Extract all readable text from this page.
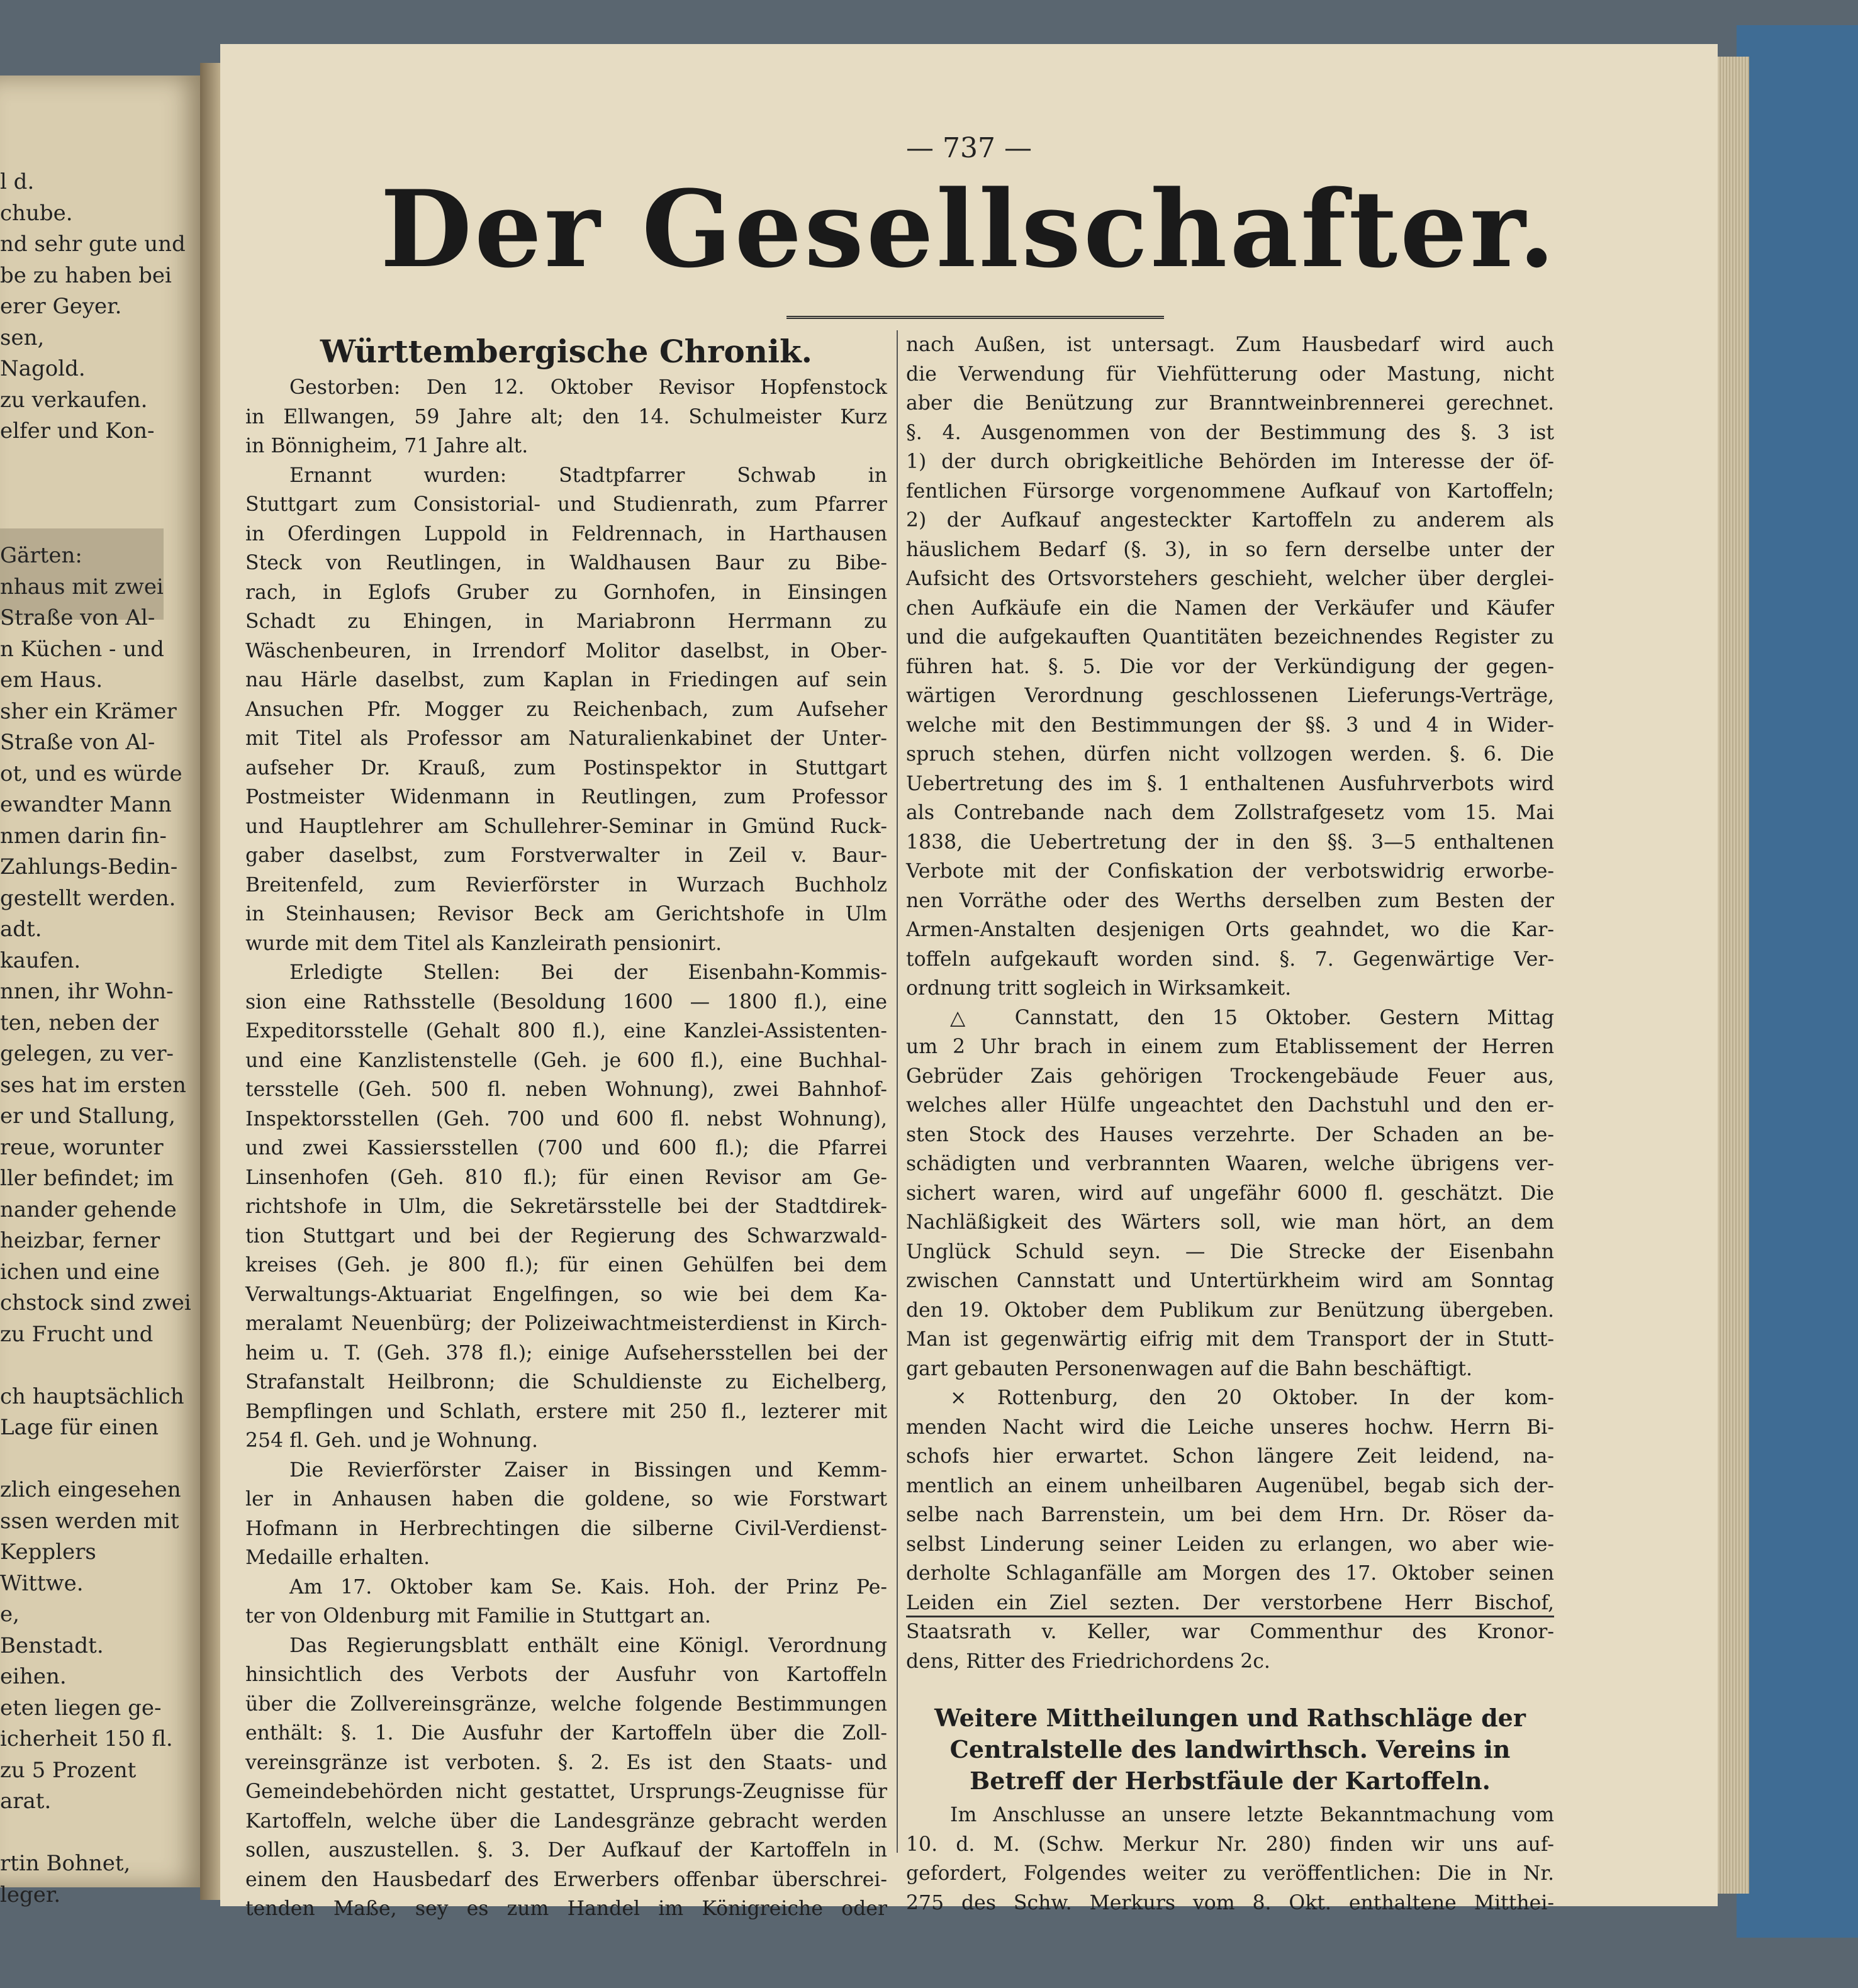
l d.
chube.
nd sehr gute und
be zu haben bei
erer Geyer.
sen,
Nagold.
zu verkaufen.
elfer und Kon-
Gärten:
nhaus mit zwei
Straße von Al-
n Küchen - und
em Haus.
sher ein Krämer
Straße von Al-
ot, und es würde
ewandter Mann
nmen darin fin-
Zahlungs-Bedin-
gestellt werden.
adt.
kaufen.
nnen, ihr Wohn-
ten, neben der
gelegen, zu ver-
ses hat im ersten
er und Stallung,
reue, worunter
ller befindet; im
nander gehende
heizbar, ferner
ichen und eine
chstock sind zwei
zu Frucht und
ch hauptsächlich
Lage für einen
zlich eingesehen
ssen werden mit
Kepplers
Wittwe.
e,
Benstadt.
eihen.
eten liegen ge-
icherheit 150 fl.
zu 5 Prozent
arat.
rtin Bohnet,
leger.
— 737 —
Der Gesellschafter.
Württembergische Chronik.
Gestorben: Den 12. Oktober Revisor Hopfenstock
in Ellwangen, 59 Jahre alt; den 14. Schulmeister Kurz
in Bönnigheim, 71 Jahre alt.
Ernannt wurden: Stadtpfarrer Schwab in
Stuttgart zum Consistorial- und Studienrath, zum Pfarrer
in Oferdingen Luppold in Feldrennach, in Harthausen
Steck von Reutlingen, in Waldhausen Baur zu Bibe-
rach, in Eglofs Gruber zu Gornhofen, in Einsingen
Schadt zu Ehingen, in Mariabronn Herrmann zu
Wäschenbeuren, in Irrendorf Molitor daselbst, in Ober-
nau Härle daselbst, zum Kaplan in Friedingen auf sein
Ansuchen Pfr. Mogger zu Reichenbach, zum Aufseher
mit Titel als Professor am Naturalienkabinet der Unter-
aufseher Dr. Krauß, zum Postinspektor in Stuttgart
Postmeister Widenmann in Reutlingen, zum Professor
und Hauptlehrer am Schullehrer-Seminar in Gmünd Ruck-
gaber daselbst, zum Forstverwalter in Zeil v. Baur-
Breitenfeld, zum Revierförster in Wurzach Buchholz
in Steinhausen; Revisor Beck am Gerichtshofe in Ulm
wurde mit dem Titel als Kanzleirath pensionirt.
Erledigte Stellen: Bei der Eisenbahn-Kommis-
sion eine Rathsstelle (Besoldung 1600 — 1800 fl.), eine
Expeditorsstelle (Gehalt 800 fl.), eine Kanzlei-Assistenten-
und eine Kanzlistenstelle (Geh. je 600 fl.), eine Buchhal-
tersstelle (Geh. 500 fl. neben Wohnung), zwei Bahnhof-
Inspektorsstellen (Geh. 700 und 600 fl. nebst Wohnung),
und zwei Kassiersstellen (700 und 600 fl.); die Pfarrei
Linsenhofen (Geh. 810 fl.); für einen Revisor am Ge-
richtshofe in Ulm, die Sekretärsstelle bei der Stadtdirek-
tion Stuttgart und bei der Regierung des Schwarzwald-
kreises (Geh. je 800 fl.); für einen Gehülfen bei dem
Verwaltungs-Aktuariat Engelfingen, so wie bei dem Ka-
meralamt Neuenbürg; der Polizeiwachtmeisterdienst in Kirch-
heim u. T. (Geh. 378 fl.); einige Aufsehersstellen bei der
Strafanstalt Heilbronn; die Schuldienste zu Eichelberg,
Bempflingen und Schlath, erstere mit 250 fl., lezterer mit
254 fl. Geh. und je Wohnung.
Die Revierförster Zaiser in Bissingen und Kemm-
ler in Anhausen haben die goldene, so wie Forstwart
Hofmann in Herbrechtingen die silberne Civil-Verdienst-
Medaille erhalten.
Am 17. Oktober kam Se. Kais. Hoh. der Prinz Pe-
ter von Oldenburg mit Familie in Stuttgart an.
Das Regierungsblatt enthält eine Königl. Verordnung
hinsichtlich des Verbots der Ausfuhr von Kartoffeln
über die Zollvereinsgränze, welche folgende Bestimmungen
enthält: §. 1. Die Ausfuhr der Kartoffeln über die Zoll-
vereinsgränze ist verboten. §. 2. Es ist den Staats- und
Gemeindebehörden nicht gestattet, Ursprungs-Zeugnisse für
Kartoffeln, welche über die Landesgränze gebracht werden
sollen, auszustellen. §. 3. Der Aufkauf der Kartoffeln in
einem den Hausbedarf des Erwerbers offenbar überschrei-
tenden Maße, sey es zum Handel im Königreiche oder
nach Außen, ist untersagt. Zum Hausbedarf wird auch
die Verwendung für Viehfütterung oder Mastung, nicht
aber die Benützung zur Branntweinbrennerei gerechnet.
§. 4. Ausgenommen von der Bestimmung des §. 3 ist
1) der durch obrigkeitliche Behörden im Interesse der öf-
fentlichen Fürsorge vorgenommene Aufkauf von Kartoffeln;
2) der Aufkauf angesteckter Kartoffeln zu anderem als
häuslichem Bedarf (§. 3), in so fern derselbe unter der
Aufsicht des Ortsvorstehers geschieht, welcher über derglei-
chen Aufkäufe ein die Namen der Verkäufer und Käufer
und die aufgekauften Quantitäten bezeichnendes Register zu
führen hat. §. 5. Die vor der Verkündigung der gegen-
wärtigen Verordnung geschlossenen Lieferungs-Verträge,
welche mit den Bestimmungen der §§. 3 und 4 in Wider-
spruch stehen, dürfen nicht vollzogen werden. §. 6. Die
Uebertretung des im §. 1 enthaltenen Ausfuhrverbots wird
als Contrebande nach dem Zollstrafgesetz vom 15. Mai
1838, die Uebertretung der in den §§. 3—5 enthaltenen
Verbote mit der Confiskation der verbotswidrig erworbe-
nen Vorräthe oder des Werths derselben zum Besten der
Armen-Anstalten desjenigen Orts geahndet, wo die Kar-
toffeln aufgekauft worden sind. §. 7. Gegenwärtige Ver-
ordnung tritt sogleich in Wirksamkeit.
△ Cannstatt, den 15 Oktober. Gestern Mittag
um 2 Uhr brach in einem zum Etablissement der Herren
Gebrüder Zais gehörigen Trockengebäude Feuer aus,
welches aller Hülfe ungeachtet den Dachstuhl und den er-
sten Stock des Hauses verzehrte. Der Schaden an be-
schädigten und verbrannten Waaren, welche übrigens ver-
sichert waren, wird auf ungefähr 6000 fl. geschätzt. Die
Nachläßigkeit des Wärters soll, wie man hört, an dem
Unglück Schuld seyn. — Die Strecke der Eisenbahn
zwischen Cannstatt und Untertürkheim wird am Sonntag
den 19. Oktober dem Publikum zur Benützung übergeben.
Man ist gegenwärtig eifrig mit dem Transport der in Stutt-
gart gebauten Personenwagen auf die Bahn beschäftigt.
× Rottenburg, den 20 Oktober. In der kom-
menden Nacht wird die Leiche unseres hochw. Herrn Bi-
schofs hier erwartet. Schon längere Zeit leidend, na-
mentlich an einem unheilbaren Augenübel, begab sich der-
selbe nach Barrenstein, um bei dem Hrn. Dr. Röser da-
selbst Linderung seiner Leiden zu erlangen, wo aber wie-
derholte Schlaganfälle am Morgen des 17. Oktober seinen
Leiden ein Ziel sezten. Der verstorbene Herr Bischof,
Staatsrath v. Keller, war Commenthur des Kronor-
dens, Ritter des Friedrichordens 2c.
Weitere Mittheilungen und Rathschläge der
Centralstelle des landwirthsch. Vereins in
Betreff der Herbstfäule der Kartoffeln.
Im Anschlusse an unsere letzte Bekanntmachung vom
10. d. M. (Schw. Merkur Nr. 280) finden wir uns auf-
gefordert, Folgendes weiter zu veröffentlichen: Die in Nr.
275 des Schw. Merkurs vom 8. Okt. enthaltene Mitthei-
